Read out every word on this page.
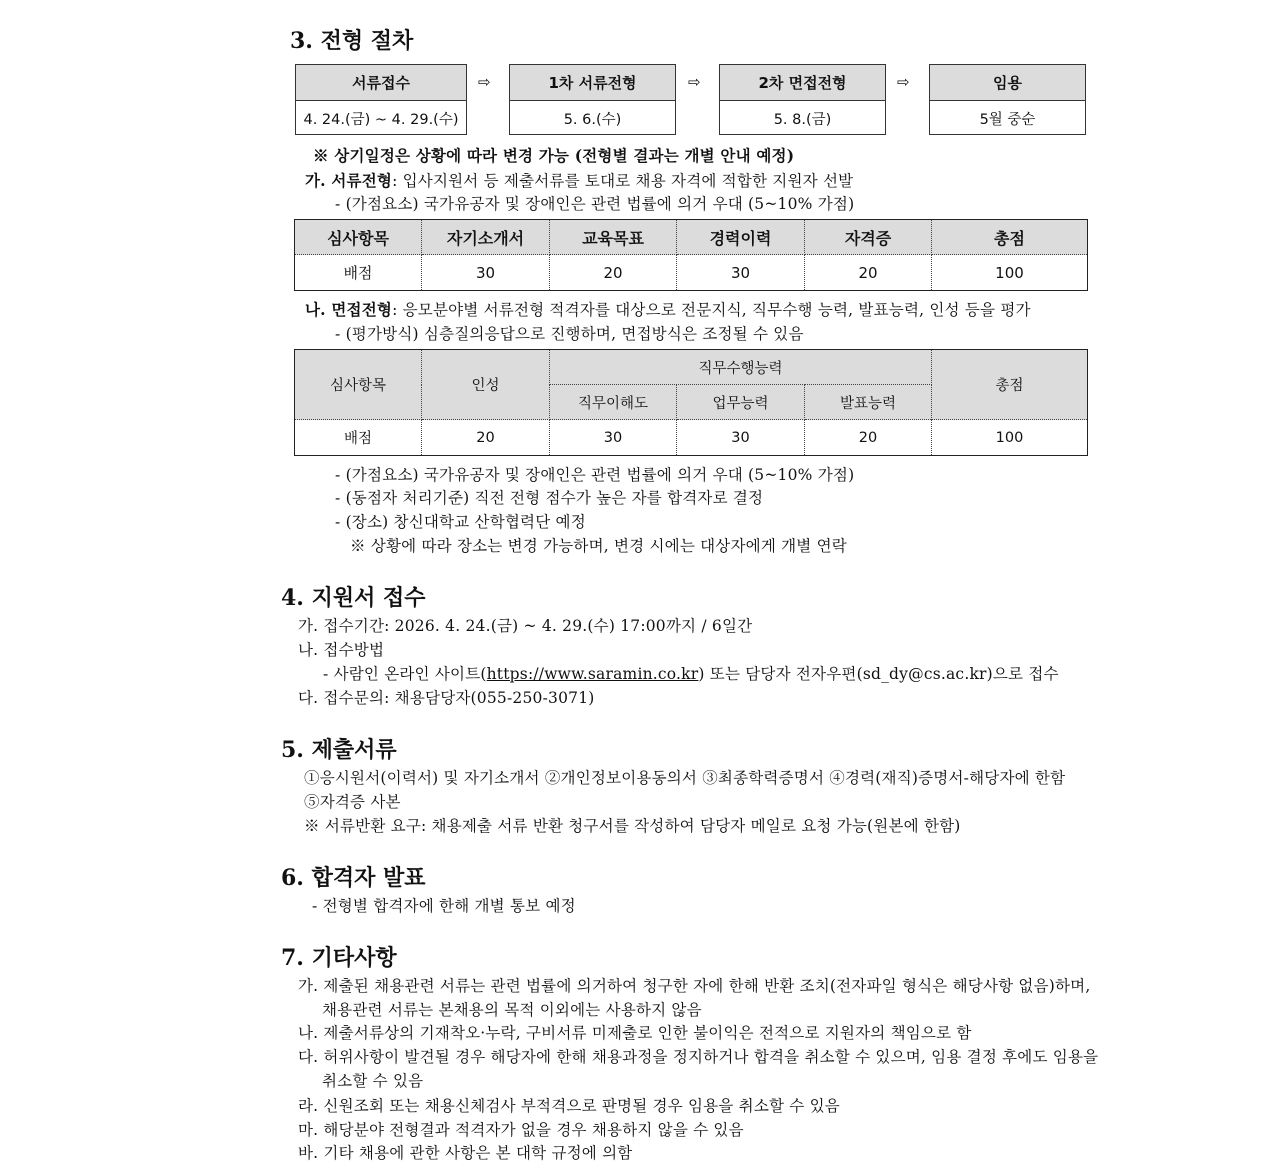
3. 전형 절차
서류접수
4. 24.(금) ~ 4. 29.(수)
⇨	1차 서류전형
5. 6.(수)
⇨	2차 면접전형
5. 8.(금)
⇨	임용
5월 중순
※ 상기일정은 상황에 따라 변경 가능 (전형별 결과는 개별 안내 예정)
가. 서류전형: 입사지원서 등 제출서류를 토대로 채용 자격에 적합한 지원자 선발
- (가점요소) 국가유공자 및 장애인은 관련 법률에 의거 우대 (5~10% 가점)
심사항목	자기소개서	교육목표	경력이력	자격증	총점
배점	30	20	30	20	100
나. 면접전형: 응모분야별 서류전형 적격자를 대상으로 전문지식, 직무수행 능력, 발표능력, 인성 등을 평가
- (평가방식) 심층질의응답으로 진행하며, 면접방식은 조정될 수 있음
심사항목	인성	직무수행능력			총점
		직무이해도	업무능력	발표능력	
배점	20	30	30	20	100
- (가점요소) 국가유공자 및 장애인은 관련 법률에 의거 우대 (5~10% 가점)
- (동점자 처리기준) 직전 전형 점수가 높은 자를 합격자로 결정
- (장소) 창신대학교 산학협력단 예정
※ 상황에 따라 장소는 변경 가능하며, 변경 시에는 대상자에게 개별 연락
4. 지원서 접수
가. 접수기간: 2026. 4. 24.(금) ~ 4. 29.(수) 17:00까지 / 6일간
나. 접수방법
- 사람인 온라인 사이트(https://www.saramin.co.kr) 또는 담당자 전자우편(sd_dy@cs.ac.kr)으로 접수
다. 접수문의: 채용담당자(055-250-3071)
5. 제출서류
①응시원서(이력서) 및 자기소개서 ②개인정보이용동의서 ③최종학력증명서 ④경력(재직)증명서-해당자에 한함
⑤자격증 사본
※ 서류반환 요구: 채용제출 서류 반환 청구서를 작성하여 담당자 메일로 요청 가능(원본에 한함)
6. 합격자 발표
- 전형별 합격자에 한해 개별 통보 예정
7. 기타사항
가. 제출된 채용관련 서류는 관련 법률에 의거하여 청구한 자에 한해 반환 조치(전자파일 형식은 해당사항 없음)하며,
채용관련 서류는 본채용의 목적 이외에는 사용하지 않음
나. 제출서류상의 기재착오·누락, 구비서류 미제출로 인한 불이익은 전적으로 지원자의 책임으로 함
다. 허위사항이 발견될 경우 해당자에 한해 채용과정을 정지하거나 합격을 취소할 수 있으며, 임용 결정 후에도 임용을
취소할 수 있음
라. 신원조회 또는 채용신체검사 부적격으로 판명될 경우 임용을 취소할 수 있음
마. 해당분야 전형결과 적격자가 없을 경우 채용하지 않을 수 있음
바. 기타 채용에 관한 사항은 본 대학 규정에 의함
